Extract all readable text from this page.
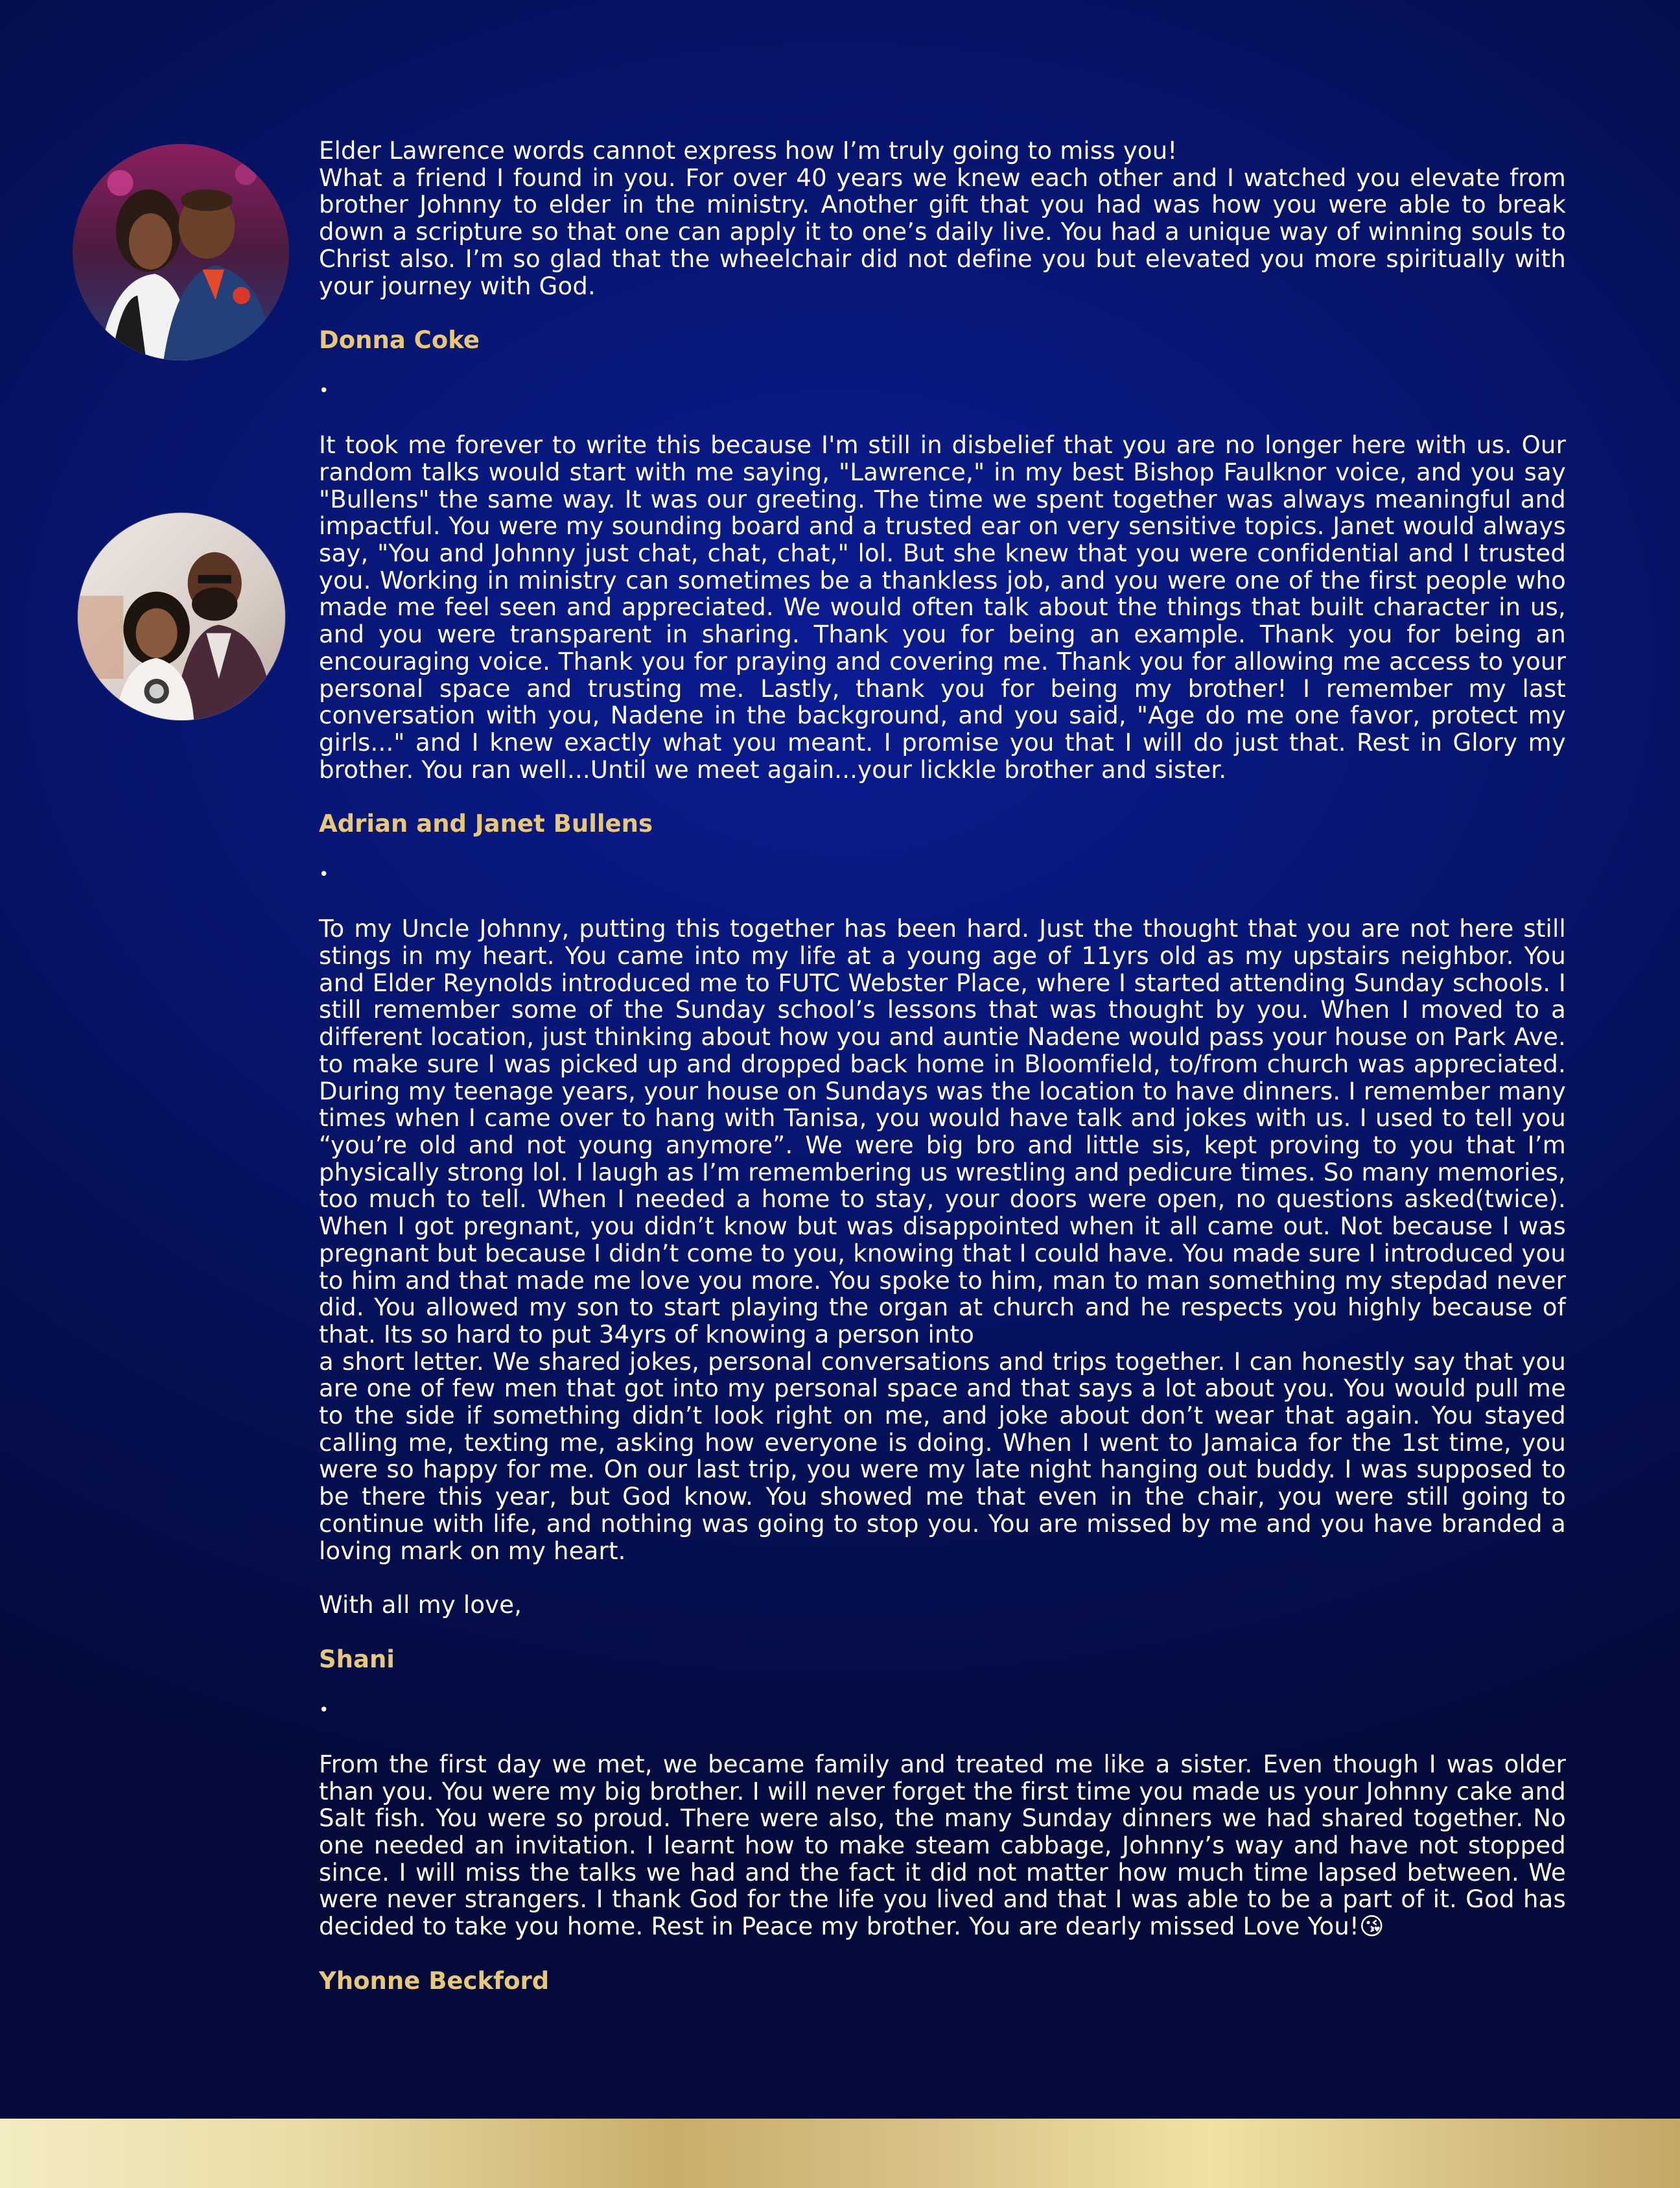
Elder Lawrence words cannot express how I’m truly going to miss you!
What a friend I found in you. For over 40 years we knew each other and I watched you elevate from brother Johnny to elder in the ministry. Another gift that you had was how you were able to break down a scripture so that one can apply it to one’s daily live. You had a unique way of winning souls to Christ also. I’m so glad that the wheelchair did not define you but elevated you more spiritually with your journey with God.

Donna Coke

•

It took me forever to write this because I'm still in disbelief that you are no longer here with us. Our random talks would start with me saying, "Lawrence," in my best Bishop Faulknor voice, and you say "Bullens" the same way. It was our greeting. The time we spent together was always meaningful and impactful. You were my sounding board and a trusted ear on very sensitive topics. Janet would always say, "You and Johnny just chat, chat, chat," lol. But she knew that you were confidential and I trusted you. Working in ministry can sometimes be a thankless job, and you were one of the first people who made me feel seen and appreciated. We would often talk about the things that built character in us, and you were transparent in sharing. Thank you for being an example. Thank you for being an encouraging voice. Thank you for praying and covering me. Thank you for allowing me access to your personal space and trusting me. Lastly, thank you for being my brother! I remember my last conversation with you, Nadene in the background, and you said, "Age do me one favor, protect my girls..." and I knew exactly what you meant. I promise you that I will do just that. Rest in Glory my brother. You ran well...Until we meet again...your lickkle brother and sister.

Adrian and Janet Bullens

•

To my Uncle Johnny, putting this together has been hard. Just the thought that you are not here still stings in my heart. You came into my life at a young age of 11yrs old as my upstairs neighbor. You and Elder Reynolds introduced me to FUTC Webster Place, where I started attending Sunday schools. I still remember some of the Sunday school’s lessons that was thought by you. When I moved to a different location, just thinking about how you and auntie Nadene would pass your house on Park Ave. to make sure I was picked up and dropped back home in Bloomfield, to/from church was appreciated. During my teenage years, your house on Sundays was the location to have dinners. I remember many times when I came over to hang with Tanisa, you would have talk and jokes with us. I used to tell you “you’re old and not young anymore”. We were big bro and little sis, kept proving to you that I’m physically strong lol. I laugh as I’m remembering us wrestling and pedicure times. So many memories, too much to tell. When I needed a home to stay, your doors were open, no questions asked(twice). When I got pregnant, you didn’t know but was disappointed when it all came out. Not because I was pregnant but because I didn’t come to you, knowing that I could have. You made sure I introduced you to him and that made me love you more. You spoke to him, man to man something my stepdad never did. You allowed my son to start playing the organ at church and he respects you highly because of that. Its so hard to put 34yrs of knowing a person into
a short letter. We shared jokes, personal conversations and trips together. I can honestly say that you are one of few men that got into my personal space and that says a lot about you. You would pull me to the side if something didn’t look right on me, and joke about don’t wear that again. You stayed calling me, texting me, asking how everyone is doing. When I went to Jamaica for the 1st time, you were so happy for me. On our last trip, you were my late night hanging out buddy. I was supposed to be there this year, but God know. You showed me that even in the chair, you were still going to continue with life, and nothing was going to stop you. You are missed by me and you have branded a loving mark on my heart.

With all my love,

Shani

•

From the first day we met, we became family and treated me like a sister. Even though I was older than you. You were my big brother. I will never forget the first time you made us your Johnny cake and Salt fish. You were so proud. There were also, the many Sunday dinners we had shared together. No one needed an invitation. I learnt how to make steam cabbage, Johnny’s way and have not stopped since. I will miss the talks we had and the fact it did not matter how much time lapsed between. We were never strangers. I thank God for the life you lived and that I was able to be a part of it. God has decided to take you home. Rest in Peace my brother. You are dearly missed Love You!😘

Yhonne Beckford
